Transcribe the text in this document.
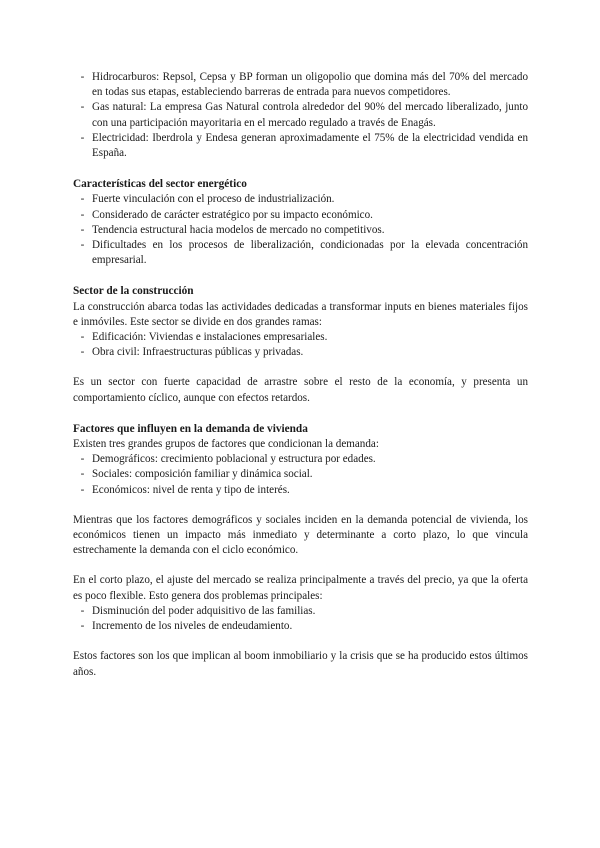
- Hidrocarburos: Repsol, Cepsa y BP forman un oligopolio que domina más del 70% del mercado en todas sus etapas, estableciendo barreras de entrada para nuevos competidores.
- Gas natural: La empresa Gas Natural controla alrededor del 90% del mercado liberalizado, junto con una participación mayoritaria en el mercado regulado a través de Enagás.
- Electricidad: Iberdrola y Endesa generan aproximadamente el 75% de la electricidad vendida en España.
Características del sector energético
- Fuerte vinculación con el proceso de industrialización.
- Considerado de carácter estratégico por su impacto económico.
- Tendencia estructural hacia modelos de mercado no competitivos.
- Dificultades en los procesos de liberalización, condicionadas por la elevada concentración empresarial.
Sector de la construcción

La construcción abarca todas las actividades dedicadas a transformar inputs en bienes materiales fijos e inmóviles. Este sector se divide en dos grandes ramas:

- Edificación: Viviendas e instalaciones empresariales.
- Obra civil: Infraestructuras públicas y privadas.

Es un sector con fuerte capacidad de arrastre sobre el resto de la economía, y presenta un comportamiento cíclico, aunque con efectos retardos.

Factores que influyen en la demanda de vivienda

Existen tres grandes grupos de factores que condicionan la demanda:

- Demográficos: crecimiento poblacional y estructura por edades.
- Sociales: composición familiar y dinámica social.
- Económicos: nivel de renta y tipo de interés.

Mientras que los factores demográficos y sociales inciden en la demanda potencial de vivienda, los económicos tienen un impacto más inmediato y determinante a corto plazo, lo que vincula estrechamente la demanda con el ciclo económico.

En el corto plazo, el ajuste del mercado se realiza principalmente a través del precio, ya que la oferta es poco flexible. Esto genera dos problemas principales:

- Disminución del poder adquisitivo de las familias.
- Incremento de los niveles de endeudamiento.

Estos factores son los que implican al boom inmobiliario y la crisis que se ha producido estos últimos años.
